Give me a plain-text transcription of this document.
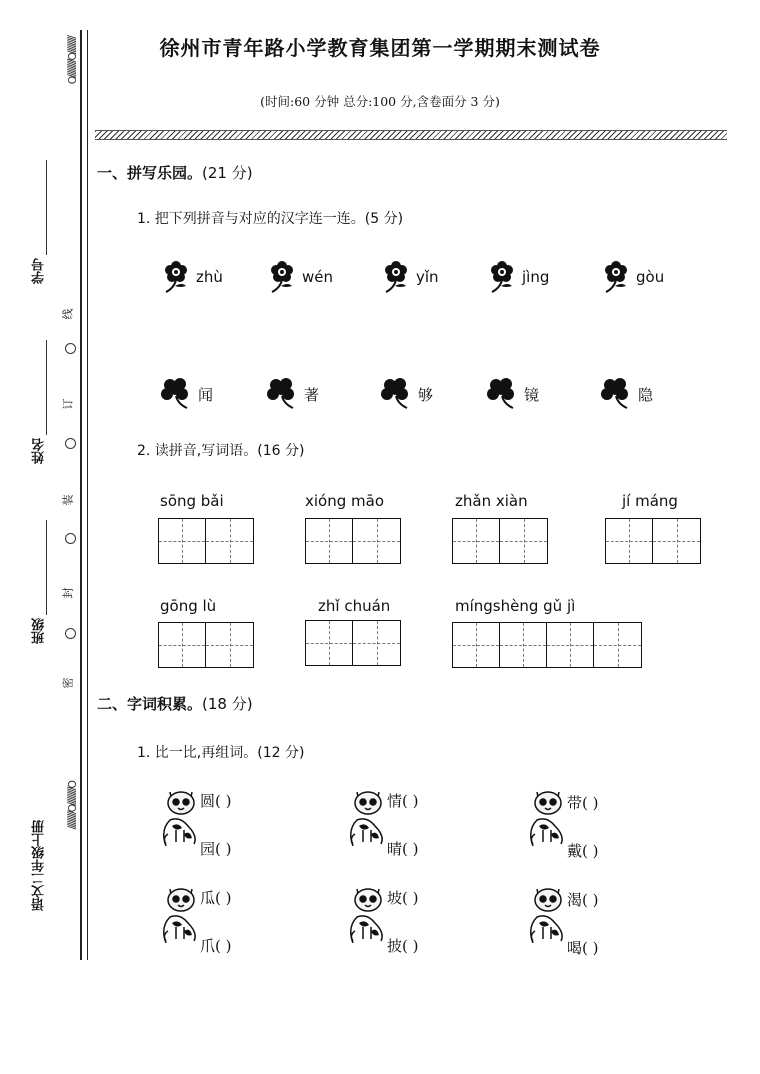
//////////O//////////O
O//////////O//////////
线
订
装
封
密
学号
姓名
班级
语文二年级上册
徐州市青年路小学教育集团第一学期期末测试卷
(时间:60 分钟 总分:100 分,含卷面分 3 分)
一、拼写乐园。(21 分)
1. 把下列拼音与对应的汉字连一连。(5 分)
zhù	wén	yǐn	jìng	gòu
闻	著	够	镜	隐
2. 读拼音,写词语。(16 分)
sōng bǎi	xióng māo	zhǎn xiàn	jí máng
gōng lù	zhǐ chuán	míngshèng gǔ jì
二、字词积累。(18 分)
1. 比一比,再组词。(12 分)
圆( )
园( )
情( )
晴( )
带( )
戴( )
瓜( )
爪( )
坡( )
披( )
渴( )
喝( )
